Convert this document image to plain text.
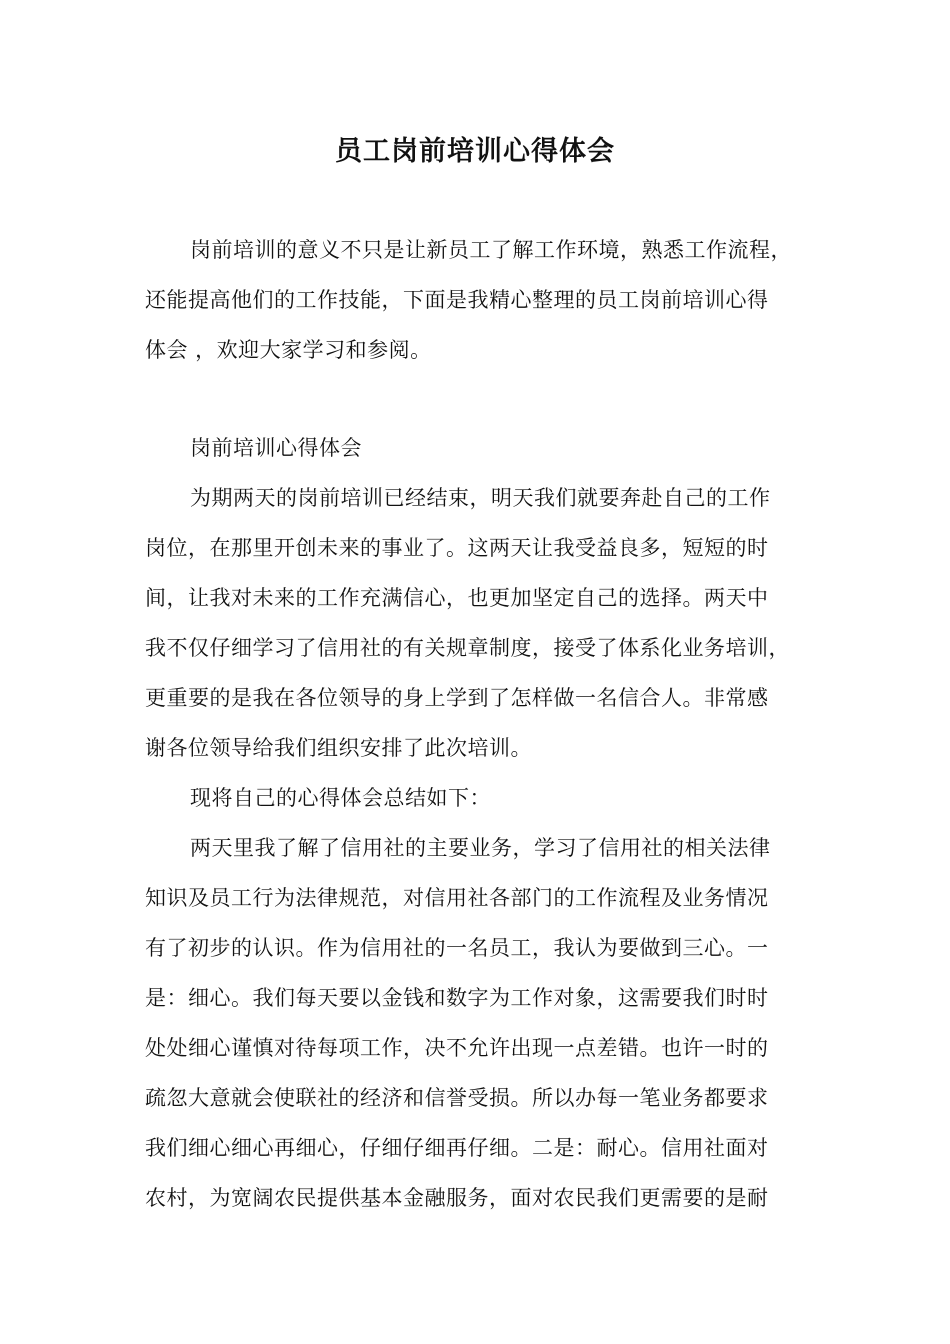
员工岗前培训心得体会
岗前培训的意义不只是让新员工了解工作环境，熟悉工作流程，
还能提高他们的工作技能，下面是我精心整理的员工岗前培训心得
体会 ，欢迎大家学习和参阅。
岗前培训心得体会
为期两天的岗前培训已经结束，明天我们就要奔赴自己的工作
岗位，在那里开创未来的事业了。这两天让我受益良多，短短的时
间，让我对未来的工作充满信心，也更加坚定自己的选择。两天中
我不仅仔细学习了信用社的有关规章制度，接受了体系化业务培训，
更重要的是我在各位领导的身上学到了怎样做一名信合人。非常感
谢各位领导给我们组织安排了此次培训。
现将自己的心得体会总结如下：
两天里我了解了信用社的主要业务，学习了信用社的相关法律
知识及员工行为法律规范，对信用社各部门的工作流程及业务情况
有了初步的认识。作为信用社的一名员工，我认为要做到三心。一
是：细心。我们每天要以金钱和数字为工作对象，这需要我们时时
处处细心谨慎对待每项工作，决不允许出现一点差错。也许一时的
疏忽大意就会使联社的经济和信誉受损。所以办每一笔业务都要求
我们细心细心再细心，仔细仔细再仔细。二是：耐心。信用社面对
农村，为宽阔农民提供基本金融服务，面对农民我们更需要的是耐
